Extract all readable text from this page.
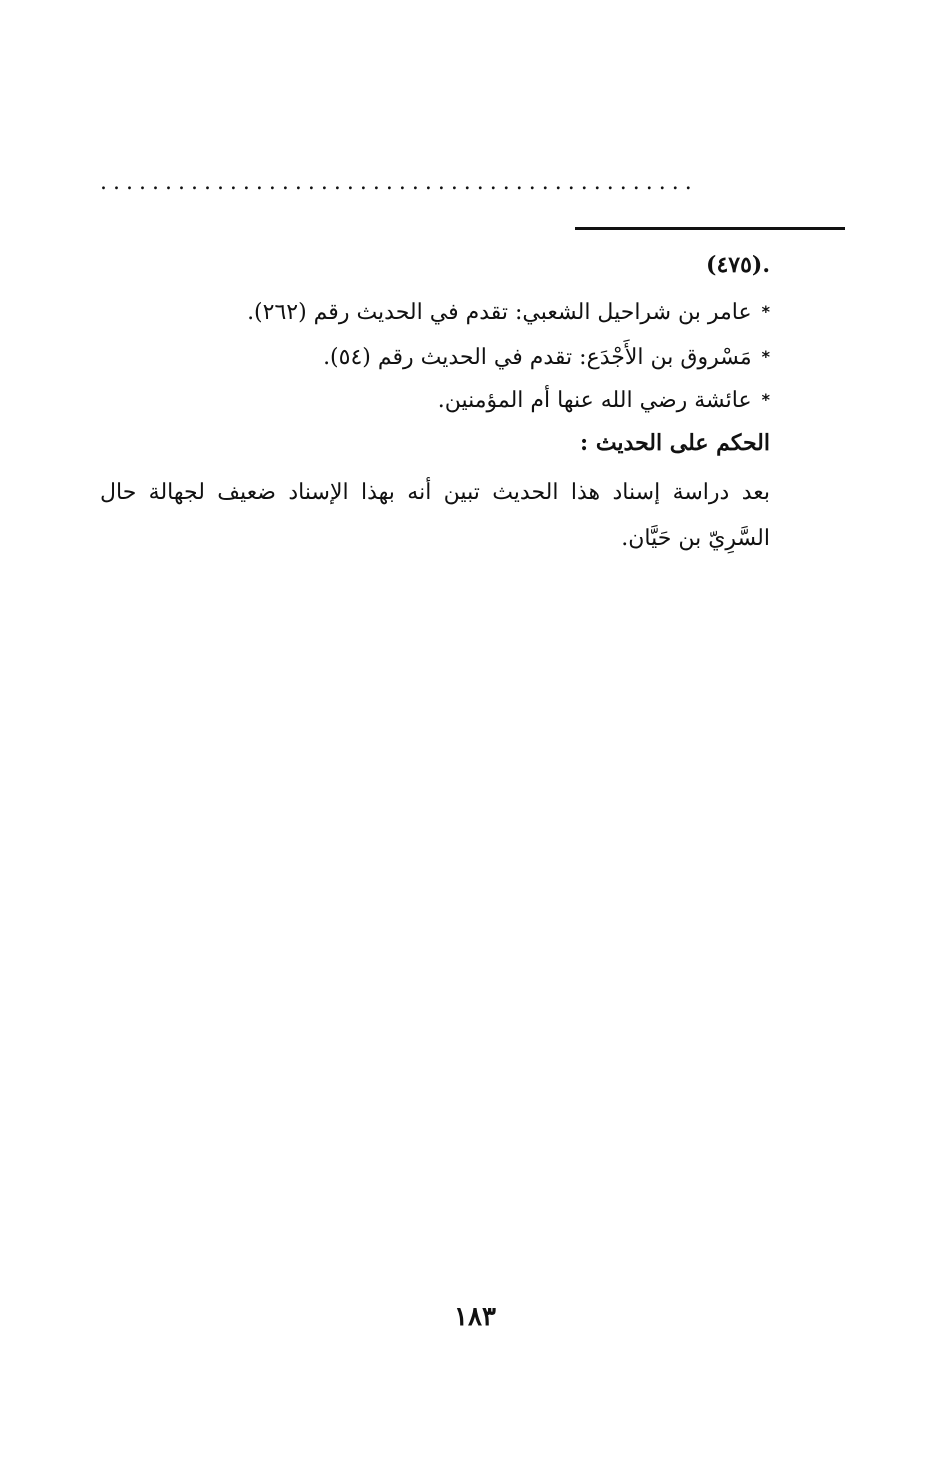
..............................................
.(٤٧٥)
*عامر بن شراحيل الشعبي: تقدم في الحديث رقم (٢٦٢).
*مَسْروق بن الأَجْدَع: تقدم في الحديث رقم (٥٤).
*عائشة رضي الله عنها أم المؤمنين.
الحكم على الحديث :
بعد دراسة إسناد هذا الحديث تبين أنه بهذا الإسناد ضعيف لجهالة حال السَّرِيّ بن حَيَّان.
١٨٣
